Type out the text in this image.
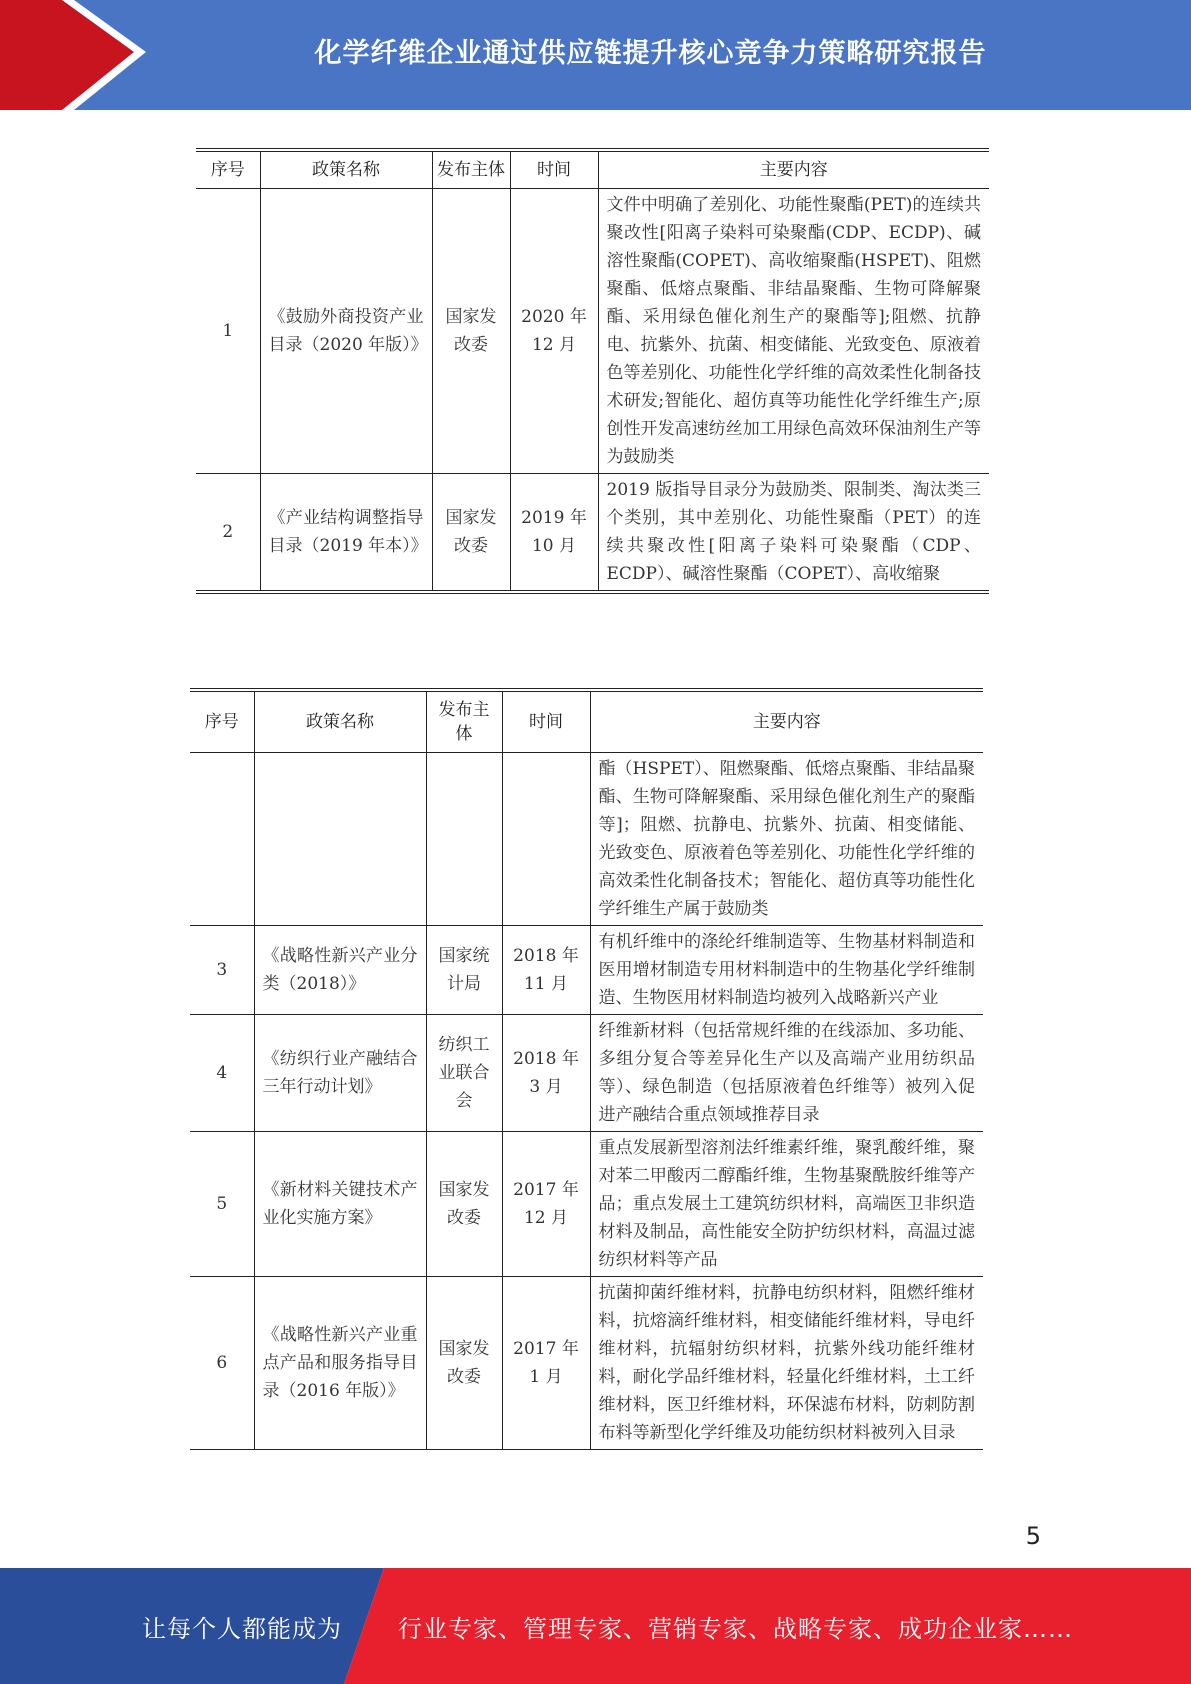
化学纤维企业通过供应链提升核心竞争力策略研究报告
序号	政策名称	发布主体	时间	主要内容
1	《鼓励外商投资产业目录（2020 年版）》	国家发改委	2020 年 12 月	文件中明确了差别化、功能性聚酯(PET)的连续共聚改性[阳离子染料可染聚酯(CDP、ECDP)、碱溶性聚酯(COPET)、高收缩聚酯(HSPET)、阻燃聚酯、低熔点聚酯、非结晶聚酯、生物可降解聚酯、采用绿色催化剂生产的聚酯等];阻燃、抗静电、抗紫外、抗菌、相变储能、光致变色、原液着色等差别化、功能性化学纤维的高效柔性化制备技术研发;智能化、超仿真等功能性化学纤维生产;原创性开发高速纺丝加工用绿色高效环保油剂生产等为鼓励类
2	《产业结构调整指导目录（2019 年本）》	国家发改委	2019 年 10 月	2019 版指导目录分为鼓励类、限制类、淘汰类三个类别，其中差别化、功能性聚酯（PET）的连续共聚改性[阳离子染料可染聚酯（CDP、ECDP）、碱溶性聚酯（COPET）、高收缩聚
序号	政策名称	发布主体	时间	主要内容
				酯（HSPET）、阻燃聚酯、低熔点聚酯、非结晶聚酯、生物可降解聚酯、采用绿色催化剂生产的聚酯等]；阻燃、抗静电、抗紫外、抗菌、相变储能、光致变色、原液着色等差别化、功能性化学纤维的高效柔性化制备技术；智能化、超仿真等功能性化学纤维生产属于鼓励类
3	《战略性新兴产业分类（2018）》	国家统计局	2018 年 11 月	有机纤维中的涤纶纤维制造等、生物基材料制造和医用增材制造专用材料制造中的生物基化学纤维制造、生物医用材料制造均被列入战略新兴产业
4	《纺织行业产融结合三年行动计划》	纺织工业联合会	2018 年 3 月	纤维新材料（包括常规纤维的在线添加、多功能、多组分复合等差异化生产以及高端产业用纺织品等）、绿色制造（包括原液着色纤维等）被列入促进产融结合重点领域推荐目录
5	《新材料关键技术产业化实施方案》	国家发改委	2017 年 12 月	重点发展新型溶剂法纤维素纤维，聚乳酸纤维，聚对苯二甲酸丙二醇酯纤维，生物基聚酰胺纤维等产品；重点发展土工建筑纺织材料，高端医卫非织造材料及制品，高性能安全防护纺织材料，高温过滤纺织材料等产品
6	《战略性新兴产业重点产品和服务指导目录（2016 年版）》	国家发改委	2017 年 1 月	抗菌抑菌纤维材料，抗静电纺织材料，阻燃纤维材料，抗熔滴纤维材料，相变储能纤维材料，导电纤维材料，抗辐射纺织材料，抗紫外线功能纤维材料，耐化学品纤维材料，轻量化纤维材料，土工纤维材料，医卫纤维材料，环保滤布材料，防刺防割布料等新型化学纤维及功能纺织材料被列入目录
5
让每个人都能成为 行业专家、管理专家、营销专家、战略专家、成功企业家……
